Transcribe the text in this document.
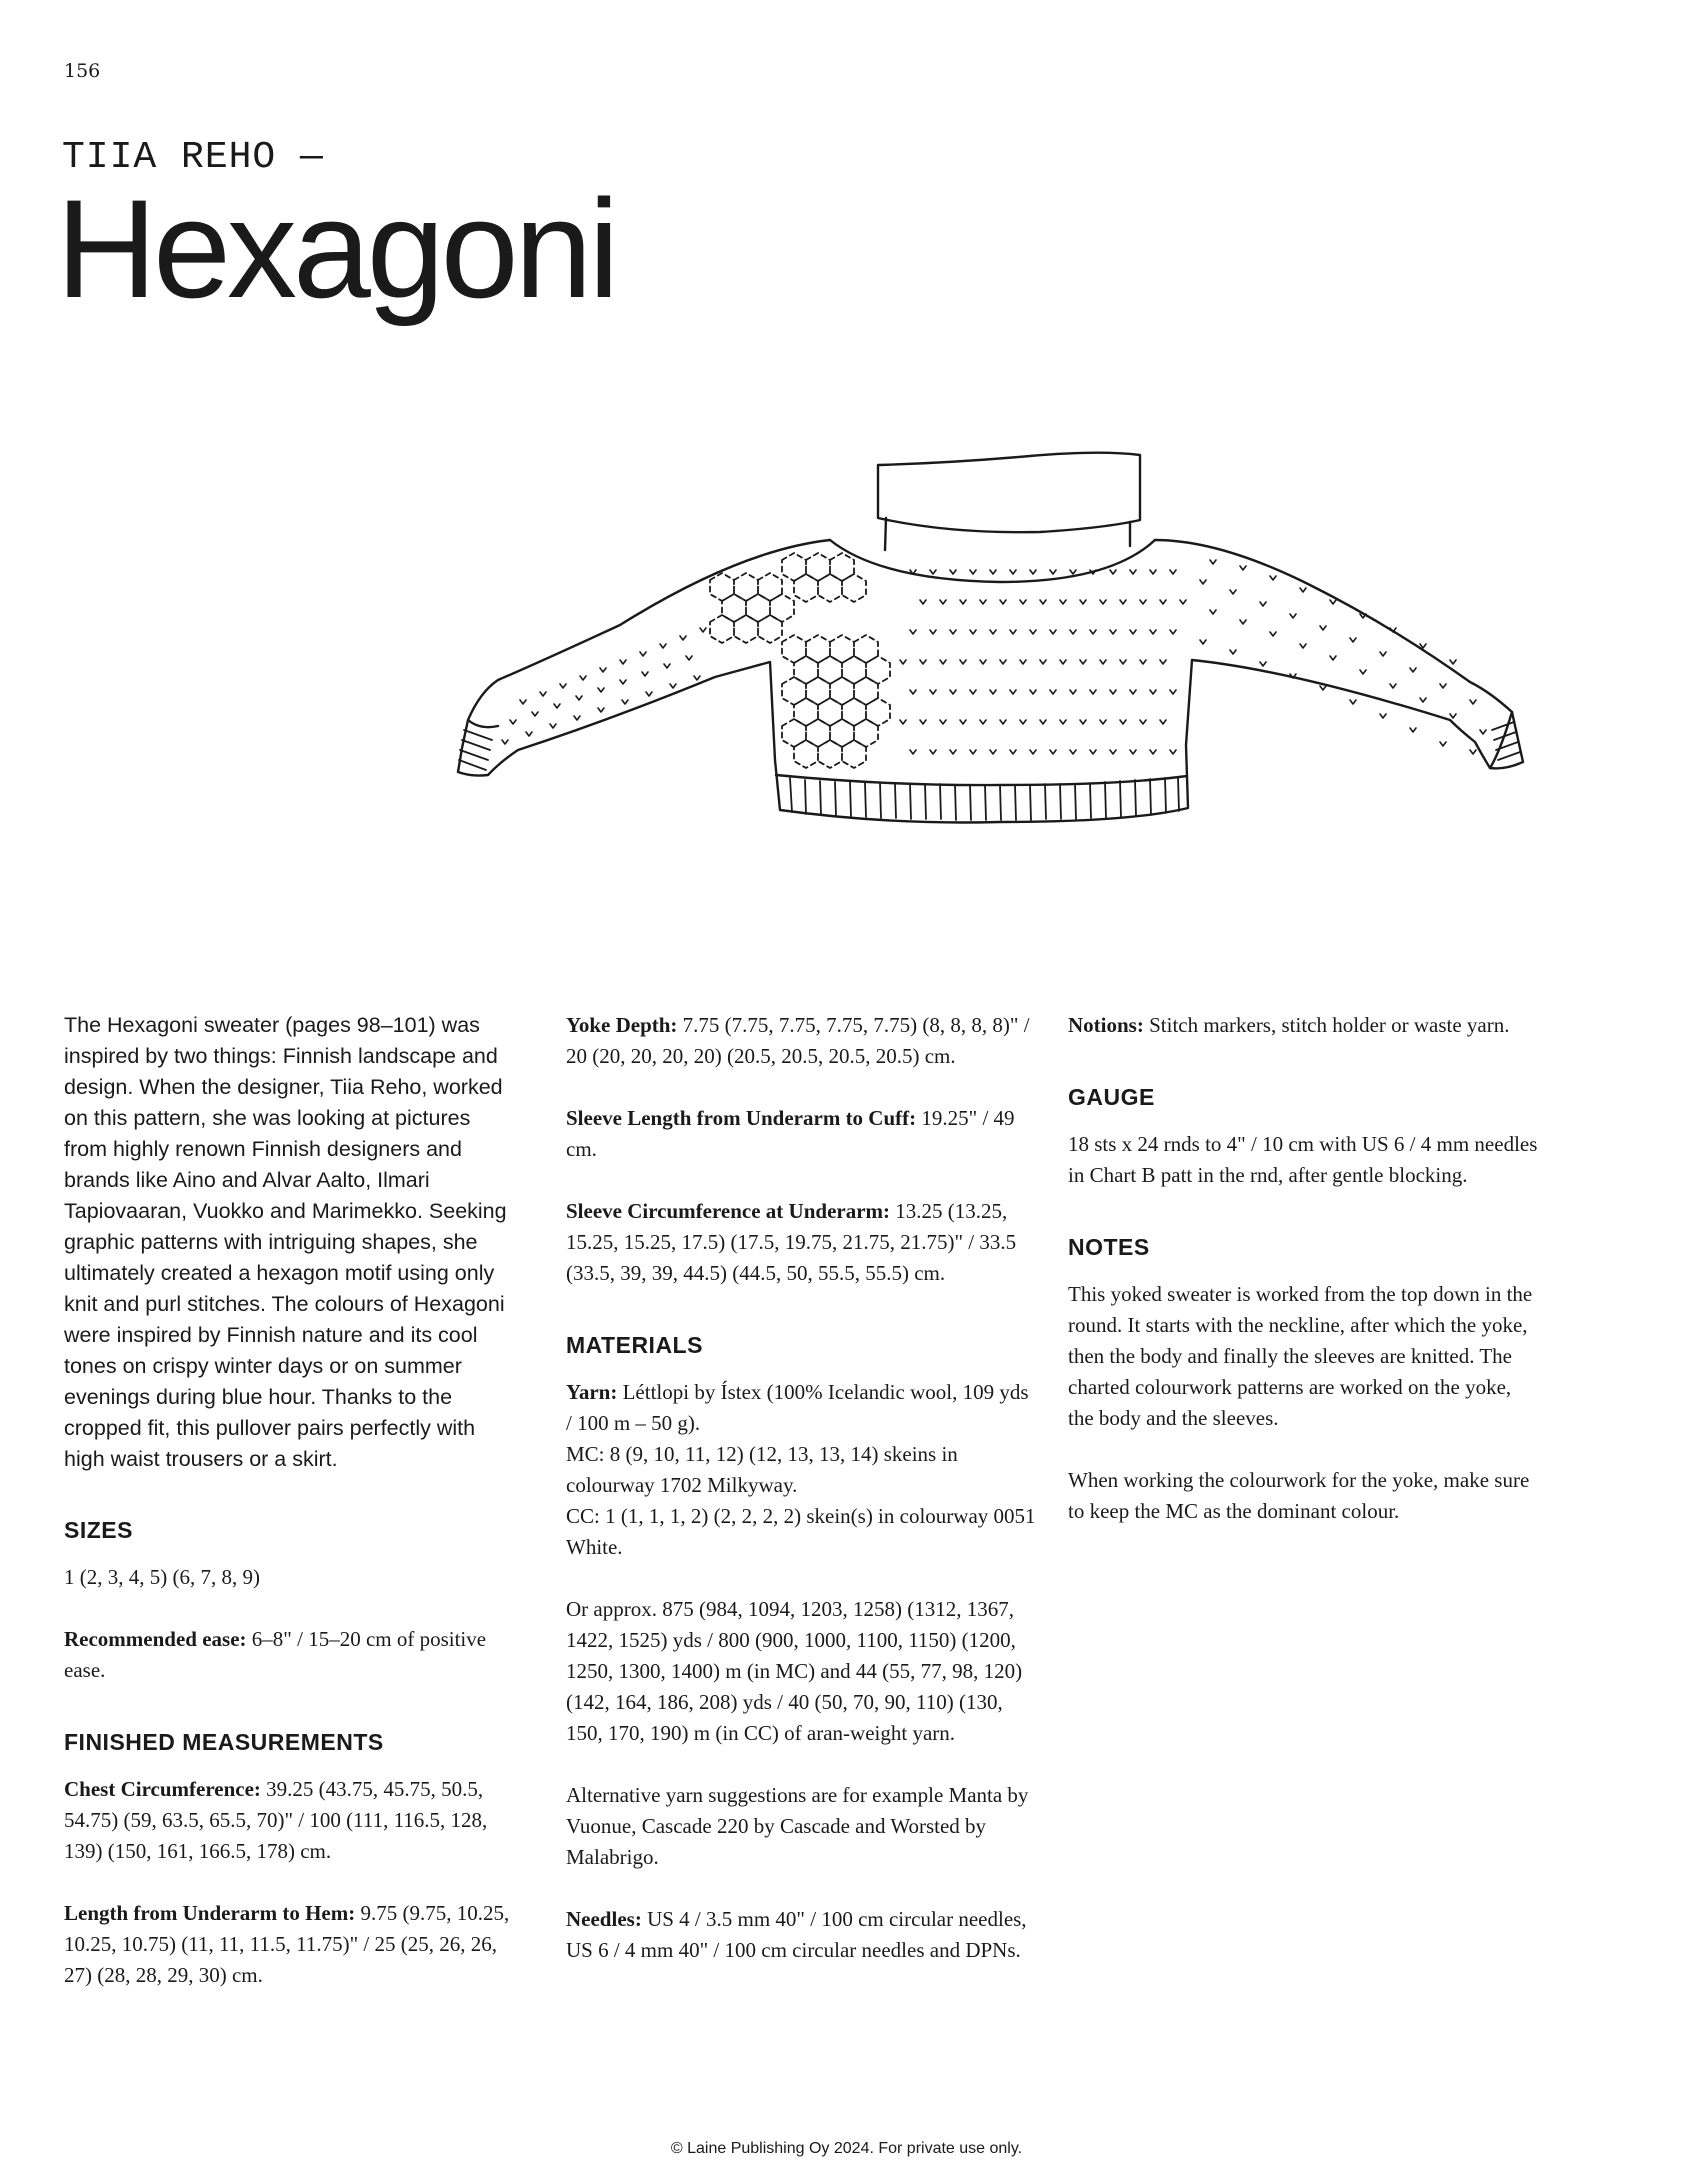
156
TIIA REHO —
Hexagoni

The Hexagoni sweater (pages 98–101) was inspired by two things: Finnish landscape and design. When the designer, Tiia Reho, worked on this pattern, she was looking at pictures from highly renown Finnish designers and brands like Aino and Alvar Aalto, Ilmari Tapiovaaran, Vuokko and Marimekko. Seeking graphic patterns with intriguing shapes, she ultimately created a hexagon motif using only knit and purl stitches. The colours of Hexagoni were inspired by Finnish nature and its cool tones on crispy winter days or on summer evenings during blue hour. Thanks to the cropped fit, this pullover pairs perfectly with high waist trousers or a skirt.

SIZES

1 (2, 3, 4, 5) (6, 7, 8, 9)

Recommended ease: 6–8" / 15–20 cm of positive ease.

FINISHED MEASUREMENTS

Chest Circumference: 39.25 (43.75, 45.75, 50.5, 54.75) (59, 63.5, 65.5, 70)" / 100 (111, 116.5, 128, 139) (150, 161, 166.5, 178) cm.

Length from Underarm to Hem: 9.75 (9.75, 10.25, 10.25, 10.75) (11, 11, 11.5, 11.75)" / 25 (25, 26, 26, 27) (28, 28, 29, 30) cm.

Yoke Depth: 7.75 (7.75, 7.75, 7.75, 7.75) (8, 8, 8, 8)" / 20 (20, 20, 20, 20) (20.5, 20.5, 20.5, 20.5) cm.

Sleeve Length from Underarm to Cuff: 19.25" / 49 cm.

Sleeve Circumference at Underarm: 13.25 (13.25, 15.25, 15.25, 17.5) (17.5, 19.75, 21.75, 21.75)" / 33.5 (33.5, 39, 39, 44.5) (44.5, 50, 55.5, 55.5) cm.

MATERIALS

Yarn: Léttlopi by Ístex (100% Icelandic wool, 109 yds / 100 m – 50 g).

MC: 8 (9, 10, 11, 12) (12, 13, 13, 14) skeins in colourway 1702 Milkyway.

CC: 1 (1, 1, 1, 2) (2, 2, 2, 2) skein(s) in colourway 0051 White.

Or approx. 875 (984, 1094, 1203, 1258) (1312, 1367, 1422, 1525) yds / 800 (900, 1000, 1100, 1150) (1200, 1250, 1300, 1400) m (in MC) and 44 (55, 77, 98, 120) (142, 164, 186, 208) yds / 40 (50, 70, 90, 110) (130, 150, 170, 190) m (in CC) of aran-weight yarn.

Alternative yarn suggestions are for example Manta by Vuonue, Cascade 220 by Cascade and Worsted by Malabrigo.

Needles: US 4 / 3.5 mm 40" / 100 cm circular needles, US 6 / 4 mm 40" / 100 cm circular needles and DPNs.

Notions: Stitch markers, stitch holder or waste yarn.

GAUGE

18 sts x 24 rnds to 4" / 10 cm with US 6 / 4 mm needles in Chart B patt in the rnd, after gentle blocking.

NOTES

This yoked sweater is worked from the top down in the round. It starts with the neckline, after which the yoke, then the body and finally the sleeves are knitted. The charted colourwork patterns are worked on the yoke, the body and the sleeves.

When working the colourwork for the yoke, make sure to keep the MC as the dominant colour.

© Laine Publishing Oy 2024. For private use only.
